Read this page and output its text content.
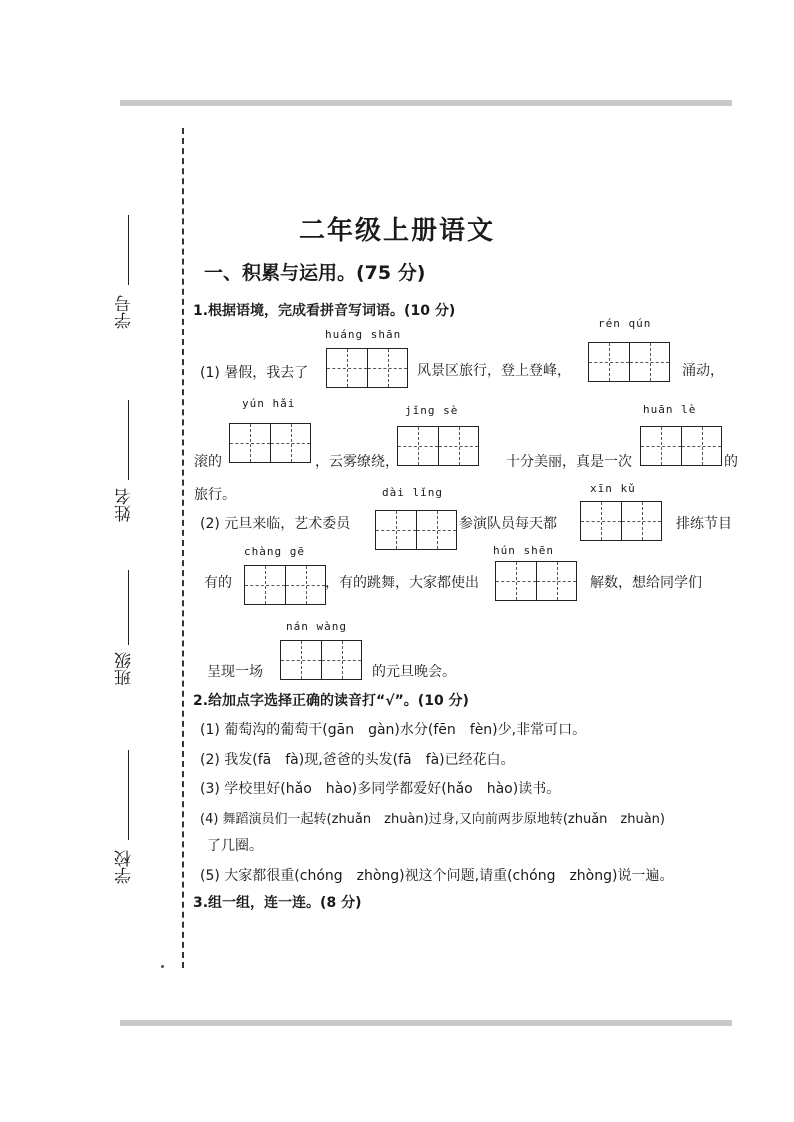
学号
姓名
班级
学校
二年级上册语文
一、积累与运用。(75 分)
1.根据语境，完成看拼音写词语。(10 分)
huáng shān
rén qún
(1) 暑假，我去了	风景区旅行，登上登峰，	涌动，
yún hǎi
jǐng sè	huān lè
滚的	，云雾缭绕，	十分美丽，真是一次	的
旅行。	dài lǐng	xīn kǔ
(2) 元旦来临，艺术委员	参演队员每天都	排练节目
chàng gē	hún shēn
有的	，有的跳舞，大家都使出	解数，想给同学们
nán wàng
呈现一场	的元旦晚会。
2.给加点字选择正确的读音打“√”。(10 分)
(1) 葡萄沟的葡萄干(gān　gàn)水分(fēn　fèn)少,非常可口。
(2) 我发(fā　fà)现,爸爸的头发(fā　fà)已经花白。
(3) 学校里好(hǎo　hào)多同学都爱好(hǎo　hào)读书。
(4) 舞蹈演员们一起转(zhuǎn　zhuàn)过身,又向前两步原地转(zhuǎn　zhuàn)
了几圈。
(5) 大家都很重(chóng　zhòng)视这个问题,请重(chóng　zhòng)说一遍。
3.组一组，连一连。(8 分)
